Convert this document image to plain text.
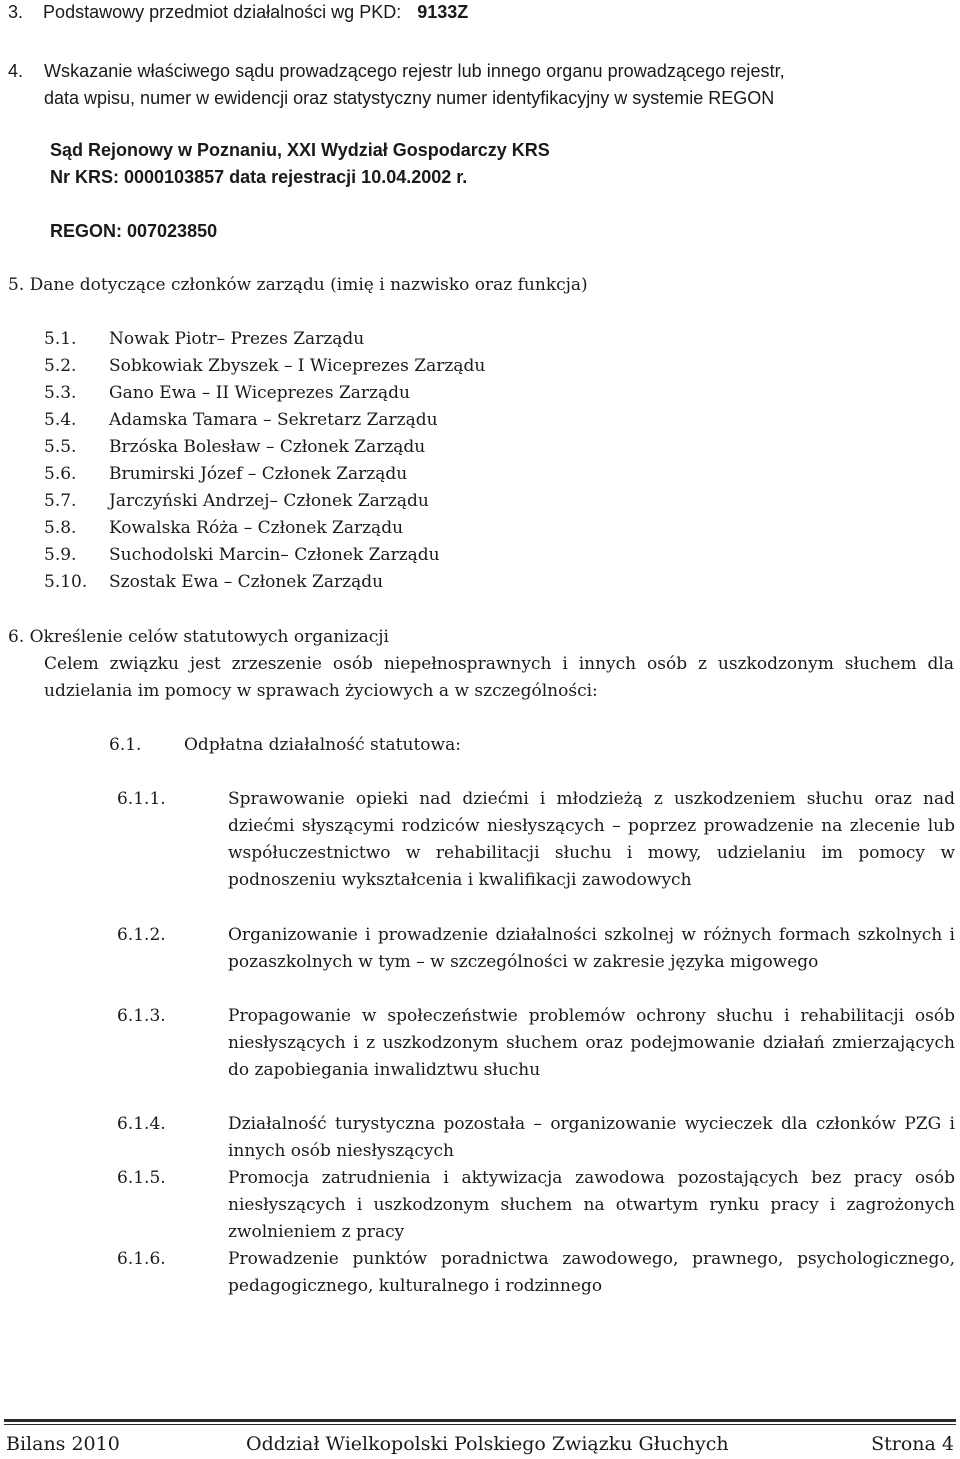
3. Podstawowy przedmiot działalności wg PKD: 9133Z
4. Wskazanie właściwego sądu prowadzącego rejestr lub innego organu prowadzącego rejestr,
data wpisu, numer w ewidencji oraz statystyczny numer identyfikacyjny w systemie REGON
Sąd Rejonowy w Poznaniu, XXI Wydział Gospodarczy KRS
Nr KRS: 0000103857 data rejestracji 10.04.2002 r.
REGON: 007023850
5. Dane dotyczące członków zarządu (imię i nazwisko oraz funkcja)
5.1. Nowak Piotr– Prezes Zarządu
5.2. Sobkowiak Zbyszek – I Wiceprezes Zarządu
5.3. Gano Ewa – II Wiceprezes Zarządu
5.4. Adamska Tamara – Sekretarz Zarządu
5.5. Brzóska Bolesław – Członek Zarządu
5.6. Brumirski Józef – Członek Zarządu
5.7. Jarczyński Andrzej– Członek Zarządu
5.8. Kowalska Róża – Członek Zarządu
5.9. Suchodolski Marcin– Członek Zarządu
5.10. Szostak Ewa – Członek Zarządu
6. Określenie celów statutowych organizacji
Celem związku jest zrzeszenie osób niepełnosprawnych i innych osób z uszkodzonym słuchem dla udzielania im pomocy w sprawach życiowych a w szczególności:
6.1.	Odpłatna działalność statutowa:
6.1.1.	Sprawowanie opieki nad dziećmi i młodzieżą z uszkodzeniem słuchu oraz nad dziećmi słyszącymi rodziców niesłyszących – poprzez prowadzenie na zlecenie lub współuczestnictwo w rehabilitacji słuchu i mowy, udzielaniu im pomocy w podnoszeniu wykształcenia i kwalifikacji zawodowych
6.1.2.	Organizowanie i prowadzenie działalności szkolnej w różnych formach szkolnych i pozaszkolnych w tym – w szczególności w zakresie języka migowego
6.1.3.	Propagowanie w społeczeństwie problemów ochrony słuchu i rehabilitacji osób niesłyszących i z uszkodzonym słuchem oraz podejmowanie działań zmierzających do zapobiegania inwalidztwu słuchu
6.1.4.	Działalność turystyczna pozostała – organizowanie wycieczek dla członków PZG i innych osób niesłyszących
6.1.5.	Promocja zatrudnienia i aktywizacja zawodowa pozostających bez pracy osób niesłyszących i uszkodzonym słuchem na otwartym rynku pracy i zagrożonych zwolnieniem z pracy
6.1.6.	Prowadzenie punktów poradnictwa zawodowego, prawnego, psychologicznego, pedagogicznego, kulturalnego i rodzinnego
Bilans 2010	Oddział Wielkopolski Polskiego Związku Głuchych	Strona 4
